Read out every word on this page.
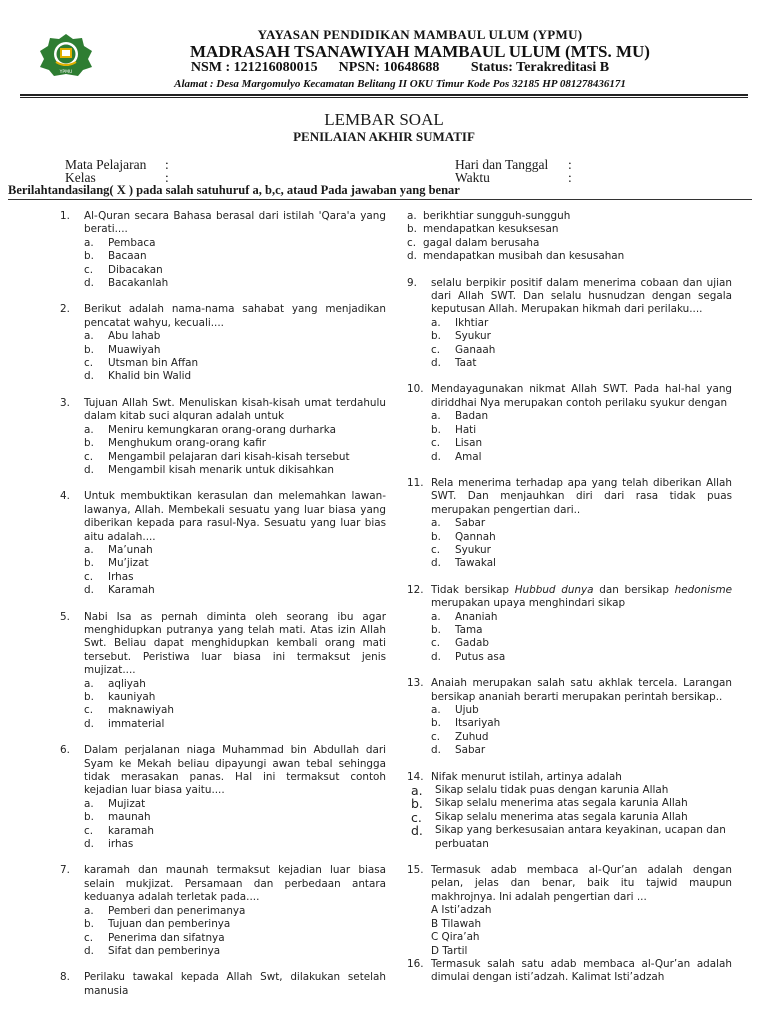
YPMU
YAYASAN PENDIDIKAN MAMBAUL ULUM (YPMU)
MADRASAH TSANAWIYAH MAMBAUL ULUM (MTS. MU)
NSM : 121216080015 NPSN: 10648688 Status: Terakreditasi B
Alamat : Desa Margomulyo Kecamatan Belitang II OKU Timur Kode Pos 32185 HP 081278436171
LEMBAR SOAL
PENILAIAN AKHIR SUMATIF
Mata Pelajaran :
Kelas	:
Hari dan Tanggal :
Waktu	:
Berilahtandasilang( X ) pada salah satuhuruf a, b,c, ataud Pada jawaban yang benar
1. Al-Quran secara Bahasa berasal dari istilah 'Qara'a yang berati....
a. Pembaca
b. Bacaan
c. Dibacakan
d. Bacakanlah
2. Berikut adalah nama-nama sahabat yang menjadikan pencatat wahyu, kecuali....
a. Abu lahab
b. Muawiyah
c. Utsman bin Affan
d. Khalid bin Walid
3. Tujuan Allah Swt. Menuliskan kisah-kisah umat terdahulu dalam kitab suci alquran adalah untuk
a. Meniru kemungkaran orang-orang durharka
b. Menghukum orang-orang kafir
c. Mengambil pelajaran dari kisah-kisah tersebut
d. Mengambil kisah menarik untuk dikisahkan
4. Untuk membuktikan kerasulan dan melemahkan lawan-lawanya, Allah. Membekali sesuatu yang luar biasa yang diberikan kepada para rasul-Nya. Sesuatu yang luar bias aitu adalah....
a. Ma’unah
b. Mu’jizat
c. Irhas
d. Karamah
5. Nabi Isa as pernah diminta oleh seorang ibu agar menghidupkan putranya yang telah mati. Atas izin Allah Swt. Beliau dapat menghidupkan kembali orang mati tersebut. Peristiwa luar biasa ini termaksut jenis mujizat....
a. aqliyah
b. kauniyah
c. maknawiyah
d. immaterial
6. Dalam perjalanan niaga Muhammad bin Abdullah dari Syam ke Mekah beliau dipayungi awan tebal sehingga tidak merasakan panas. Hal ini termaksut contoh kejadian luar biasa yaitu....
a. Mujizat
b. maunah
c. karamah
d. irhas
7. karamah dan maunah termaksut kejadian luar biasa selain mukjizat. Persamaan dan perbedaan antara keduanya adalah terletak pada....
a. Pemberi dan penerimanya
b. Tujuan dan pemberinya
c. Penerima dan sifatnya
d. Sifat dan pemberinya
8. Perilaku tawakal kepada Allah Swt, dilakukan setelah manusia
a. berikhtiar sungguh-sungguh
b. mendapatkan kesuksesan
c. gagal dalam berusaha
d. mendapatkan musibah dan kesusahan
9. selalu berpikir positif dalam menerima cobaan dan ujian dari Allah SWT. Dan selalu husnudzan dengan segala keputusan Allah. Merupakan hikmah dari perilaku....
a. Ikhtiar
b. Syukur
c. Ganaah
d. Taat
10. Mendayagunakan nikmat Allah SWT. Pada hal-hal yang diriddhai Nya merupakan contoh perilaku syukur dengan
a. Badan
b. Hati
c. Lisan
d. Amal
11. Rela menerima terhadap apa yang telah diberikan Allah SWT. Dan menjauhkan diri dari rasa tidak puas merupakan pengertian dari..
a. Sabar
b. Qannah
c. Syukur
d. Tawakal
12. Tidak bersikap Hubbud dunya dan bersikap hedonisme merupakan upaya menghindari sikap
a. Ananiah
b. Tama
c. Gadab
d. Putus asa
13. Anaiah merupakan salah satu akhlak tercela. Larangan bersikap ananiah berarti merupakan perintah bersikap..
a. Ujub
b. Itsariyah
c. Zuhud
d. Sabar
14. Nifak menurut istilah, artinya adalah
a. Sikap selalu tidak puas dengan karunia Allah
b. Sikap selalu menerima atas segala karunia Allah
c. Sikap selalu menerima atas segala karunia Allah
d. Sikap yang berkesusaian antara keyakinan, ucapan dan perbuatan
15. Termasuk adab membaca al-Qur’an adalah dengan pelan, jelas dan benar, baik itu tajwid maupun makhrojnya. Ini adalah pengertian dari ...
A Isti’adzah
B Tilawah
C Qira’ah
D Tartil
16. Termasuk salah satu adab membaca al-Qur’an adalah dimulai dengan isti’adzah. Kalimat Isti’adzah
